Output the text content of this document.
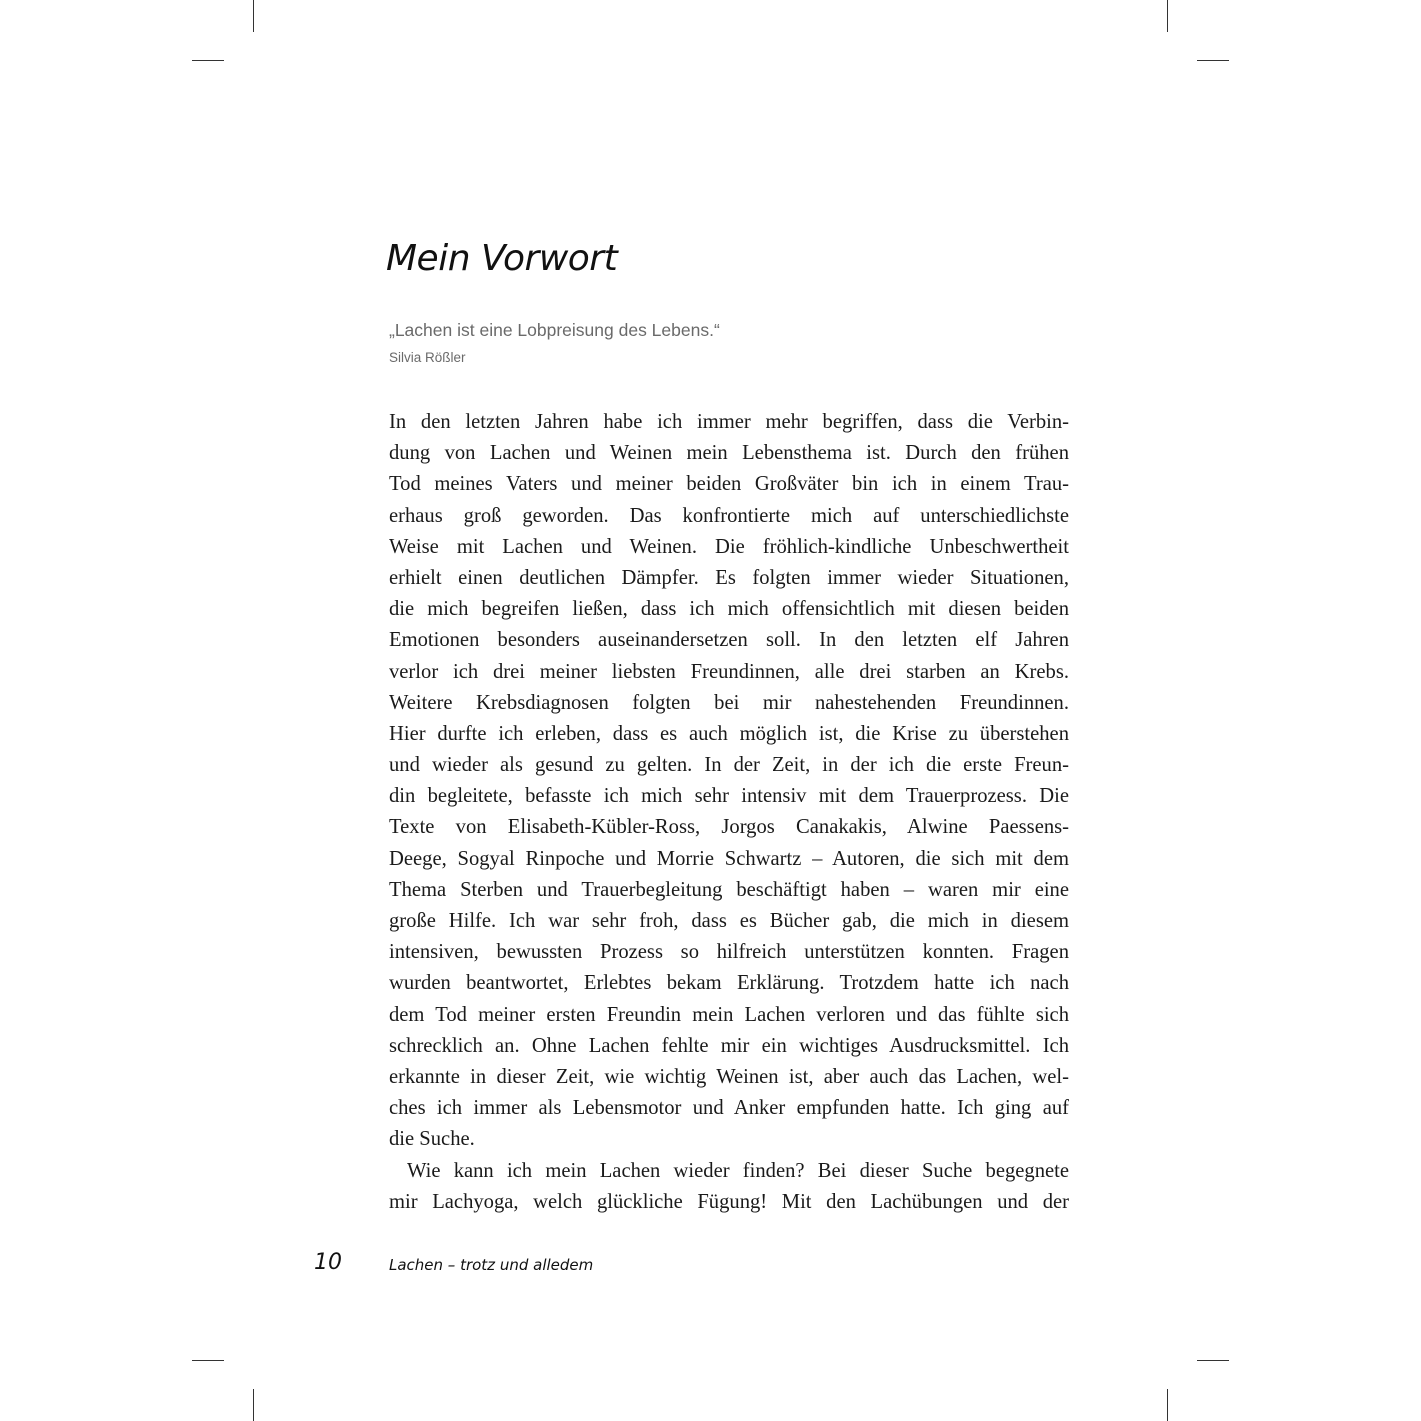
Mein Vorwort
„Lachen ist eine Lobpreisung des Lebens.“
Silvia Rößler
In den letzten Jahren habe ich immer mehr begriffen, dass die Verbin-
dung von Lachen und Weinen mein Lebensthema ist. Durch den frühen
Tod meines Vaters und meiner beiden Großväter bin ich in einem Trau-
erhaus groß geworden. Das konfrontierte mich auf unterschiedlichste
Weise mit Lachen und Weinen. Die fröhlich-kindliche Unbeschwertheit
erhielt einen deutlichen Dämpfer. Es folgten immer wieder Situationen,
die mich begreifen ließen, dass ich mich offensichtlich mit diesen beiden
Emotionen besonders auseinandersetzen soll. In den letzten elf Jahren
verlor ich drei meiner liebsten Freundinnen, alle drei starben an Krebs.
Weitere Krebsdiagnosen folgten bei mir nahestehenden Freundinnen.
Hier durfte ich erleben, dass es auch möglich ist, die Krise zu überstehen
und wieder als gesund zu gelten. In der Zeit, in der ich die erste Freun-
din begleitete, befasste ich mich sehr intensiv mit dem Trauerprozess. Die
Texte von Elisabeth-Kübler-Ross, Jorgos Canakakis, Alwine Paessens-
Deege, Sogyal Rinpoche und Morrie Schwartz – Autoren, die sich mit dem
Thema Sterben und Trauerbegleitung beschäftigt haben – waren mir eine
große Hilfe. Ich war sehr froh, dass es Bücher gab, die mich in diesem
intensiven, bewussten Prozess so hilfreich unterstützen konnten. Fragen
wurden beantwortet, Erlebtes bekam Erklärung. Trotzdem hatte ich nach
dem Tod meiner ersten Freundin mein Lachen verloren und das fühlte sich
schrecklich an. Ohne Lachen fehlte mir ein wichtiges Ausdrucksmittel. Ich
erkannte in dieser Zeit, wie wichtig Weinen ist, aber auch das Lachen, wel-
ches ich immer als Lebensmotor und Anker empfunden hatte. Ich ging auf
die Suche.
Wie kann ich mein Lachen wieder finden? Bei dieser Suche begegnete
mir Lachyoga, welch glückliche Fügung! Mit den Lachübungen und der
10	Lachen – trotz und alledem
